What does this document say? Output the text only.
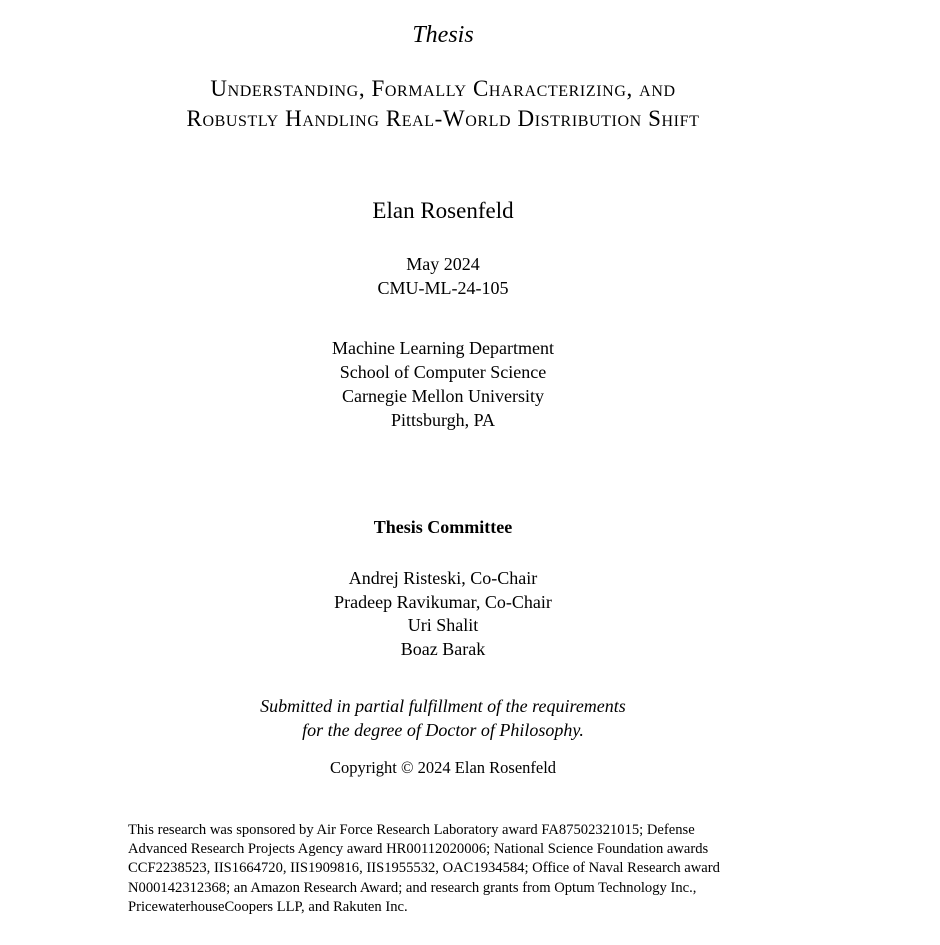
Thesis
Understanding, Formally Characterizing, and
Robustly Handling Real-World Distribution Shift
Elan Rosenfeld
May 2024
CMU-ML-24-105
Machine Learning Department
School of Computer Science
Carnegie Mellon University
Pittsburgh, PA
Thesis Committee
Andrej Risteski, Co-Chair
Pradeep Ravikumar, Co-Chair
Uri Shalit
Boaz Barak
Submitted in partial fulfillment of the requirements
for the degree of Doctor of Philosophy.
Copyright © 2024 Elan Rosenfeld
This research was sponsored by Air Force Research Laboratory award FA87502321015; Defense
Advanced Research Projects Agency award HR00112020006; National Science Foundation awards
CCF2238523, IIS1664720, IIS1909816, IIS1955532, OAC1934584; Office of Naval Research award
N000142312368; an Amazon Research Award; and research grants from Optum Technology Inc.,
PricewaterhouseCoopers LLP, and Rakuten Inc.
